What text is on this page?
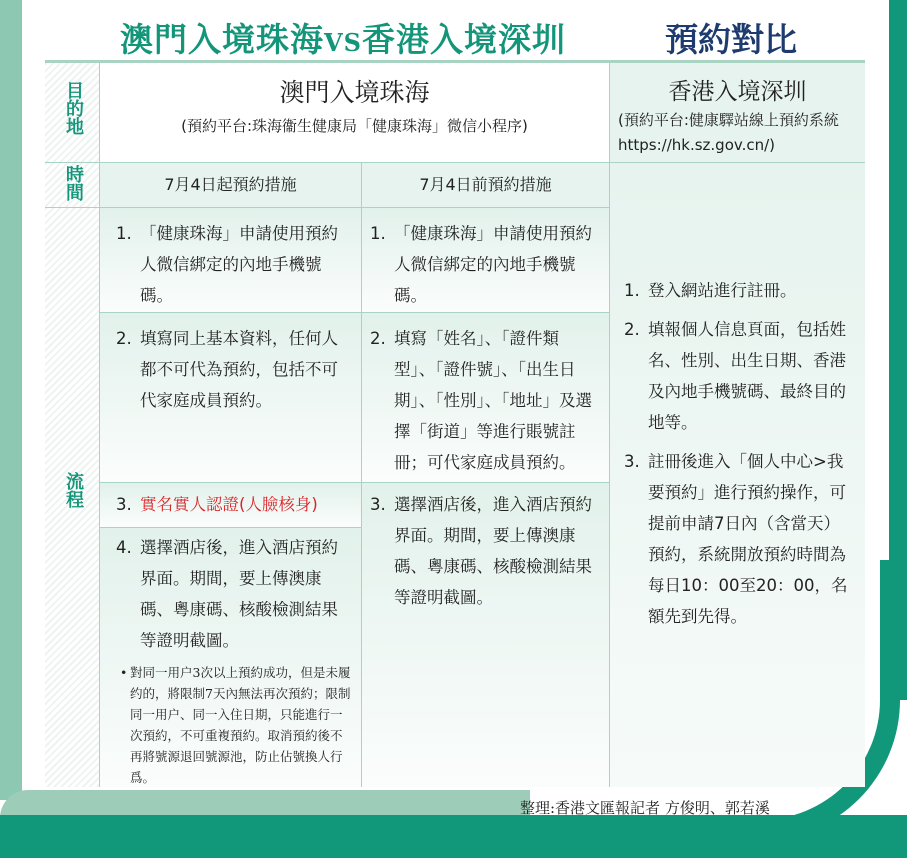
澳門入境珠海VS香港入境深圳	預約對比
目的地
時間
流程
澳門入境珠海
(預約平台:珠海衞生健康局「健康珠海」微信小程序)
香港入境深圳
(預約平台:健康驛站線上預約系統https://hk.sz.gov.cn/)
7月4日起預約措施	7月4日前預約措施
1. 「健康珠海」申請使用預約人微信綁定的內地手機號碼。
2. 填寫同上基本資料，任何人都不可代為預約，包括不可代家庭成員預約。
3. 實名實人認證(人臉核身)
4. 選擇酒店後，進入酒店預約界面。期間，要上傳澳康碼、粵康碼、核酸檢測結果等證明截圖。
• 對同一用户3次以上預約成功，但是未履约的，將限制7天內無法再次預約；限制同一用户、同一入住日期，只能進行一次預約，不可重複預約。取消預約後不再將號源退回號源池，防止佔號換人行爲。
1. 「健康珠海」申請使用預約人微信綁定的內地手機號碼。
2. 填寫「姓名」、「證件類型」、「證件號」、「出生日期」、「性別」、「地址」及選擇「街道」等進行賬號註冊；可代家庭成員預約。
3. 選擇酒店後，進入酒店預約界面。期間，要上傳澳康碼、粵康碼、核酸檢測結果等證明截圖。
1. 登入網站進行註冊。
2. 填報個人信息頁面，包括姓名、性別、出生日期、香港及內地手機號碼、最終目的地等。
3. 註冊後進入「個人中心>我要預約」進行預約操作，可提前申請7日內（含當天）預約，系統開放預約時間為每日10：00至20：00，名額先到先得。
整理:香港文匯報記者 方俊明、郭若溪
